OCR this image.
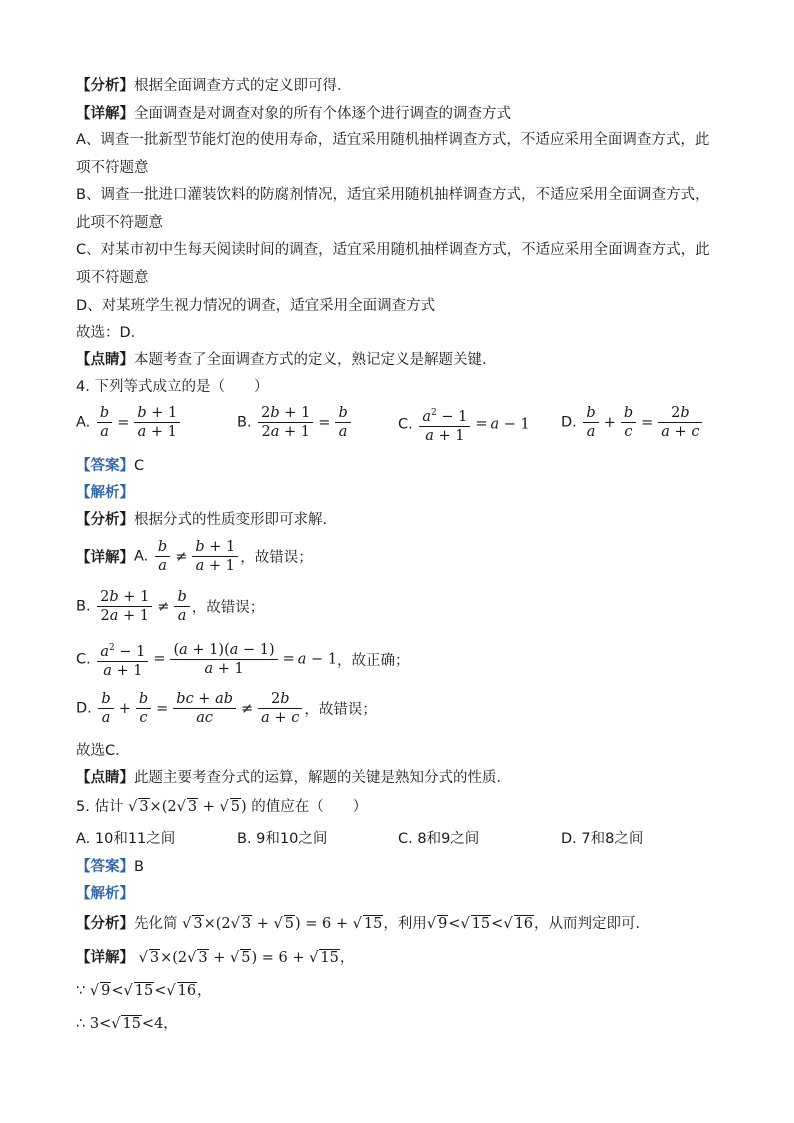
【分析】根据全面调查方式的定义即可得．
【详解】全面调查是对调查对象的所有个体逐个进行调查的调查方式
A、调查一批新型节能灯泡的使用寿命，适宜采用随机抽样调查方式，不适应采用全面调查方式，此项不符题意
B、调查一批进口灌装饮料的防腐剂情况，适宜采用随机抽样调查方式，不适应采用全面调查方式，此项不符题意
C、对某市初中生每天阅读时间的调查，适宜采用随机抽样调查方式，不适应采用全面调查方式，此项不符题意
D、对某班学生视力情况的调查，适宜采用全面调查方式
故选：D．
【点睛】本题考查了全面调查方式的定义，熟记定义是解题关键．
4. 下列等式成立的是（　　）
A. $\frac{b}{a} = \frac{b + 1}{a + 1}$	B. $\frac{2b + 1}{2a + 1} = \frac{b}{a}$	C. $\frac{a^2 - 1}{a + 1} = a - 1$ D. $\frac{b}{a} + \frac{b}{c} = \frac{2b}{a + c}$
【答案】C
【解析】
【分析】根据分式的性质变形即可求解．
【详解】A. $\frac{b}{a} \ne \frac{b + 1}{a + 1}$ ，故错误；
B. $\frac{2b + 1}{2a + 1} \ne \frac{b}{a}$ ，故错误；
C. $\frac{a^2 - 1}{a + 1} = \frac{(a + 1)(a - 1)}{a + 1} = a - 1$，故正确；
D. $\frac{b}{a} + \frac{b}{c} = \frac{bc + ab}{ac} \ne \frac{2b}{a + c}$ ，故错误；
故选C．
【点睛】此题主要考查分式的运算，解题的关键是熟知分式的性质．
5. 估计 √ 3×(2√ 3 + √ 5) 的值应在（　　）
A. 10和11之间	B. 9和10之间	C. 8和9之间	D. 7和8之间
【答案】B
【解析】
【分析】先化简 √ 3×(2√ 3 + √ 5) = 6 + √ 15，利用√ 9<√ 15<√ 16，从而判定即可．
【详解】 √ 3×(2√ 3 + √ 5) = 6 + √ 15，
∵ √ 9<√ 15<√ 16，
∴ 3<√ 15<4，
